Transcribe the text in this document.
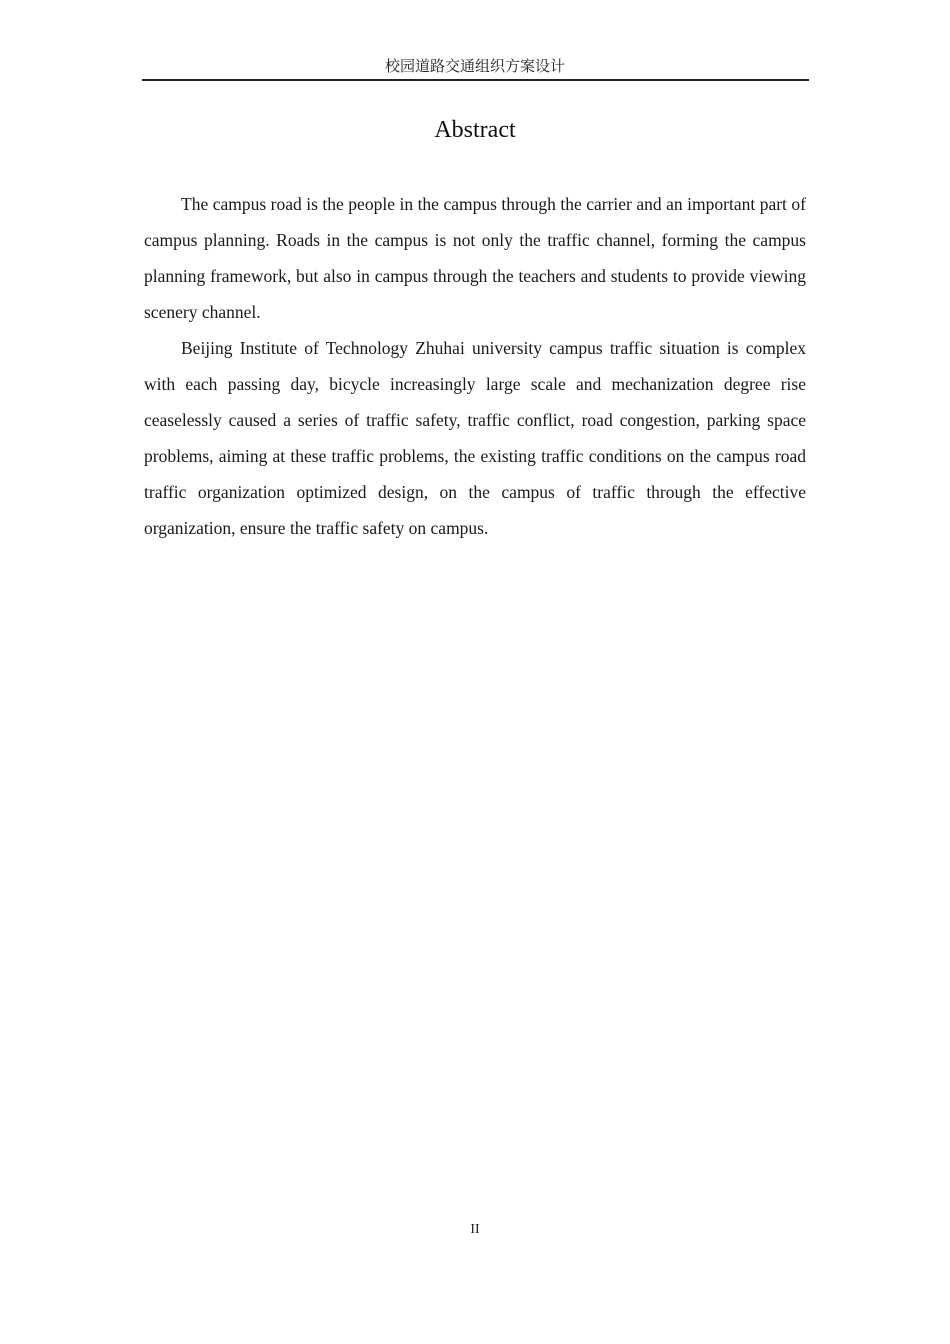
校园道路交通组织方案设计
Abstract

The campus road is the people in the campus through the carrier and an important part of campus planning. Roads in the campus is not only the traffic channel, forming the campus planning framework, but also in campus through the teachers and students to provide viewing scenery channel.

Beijing Institute of Technology Zhuhai university campus traffic situation is complex with each passing day, bicycle increasingly large scale and mechanization degree rise ceaselessly caused a series of traffic safety, traffic conflict, road congestion, parking space problems, aiming at these traffic problems, the existing traffic conditions on the campus road traffic organization optimized design, on the campus of traffic through the effective organization, ensure the traffic safety on campus.

II
